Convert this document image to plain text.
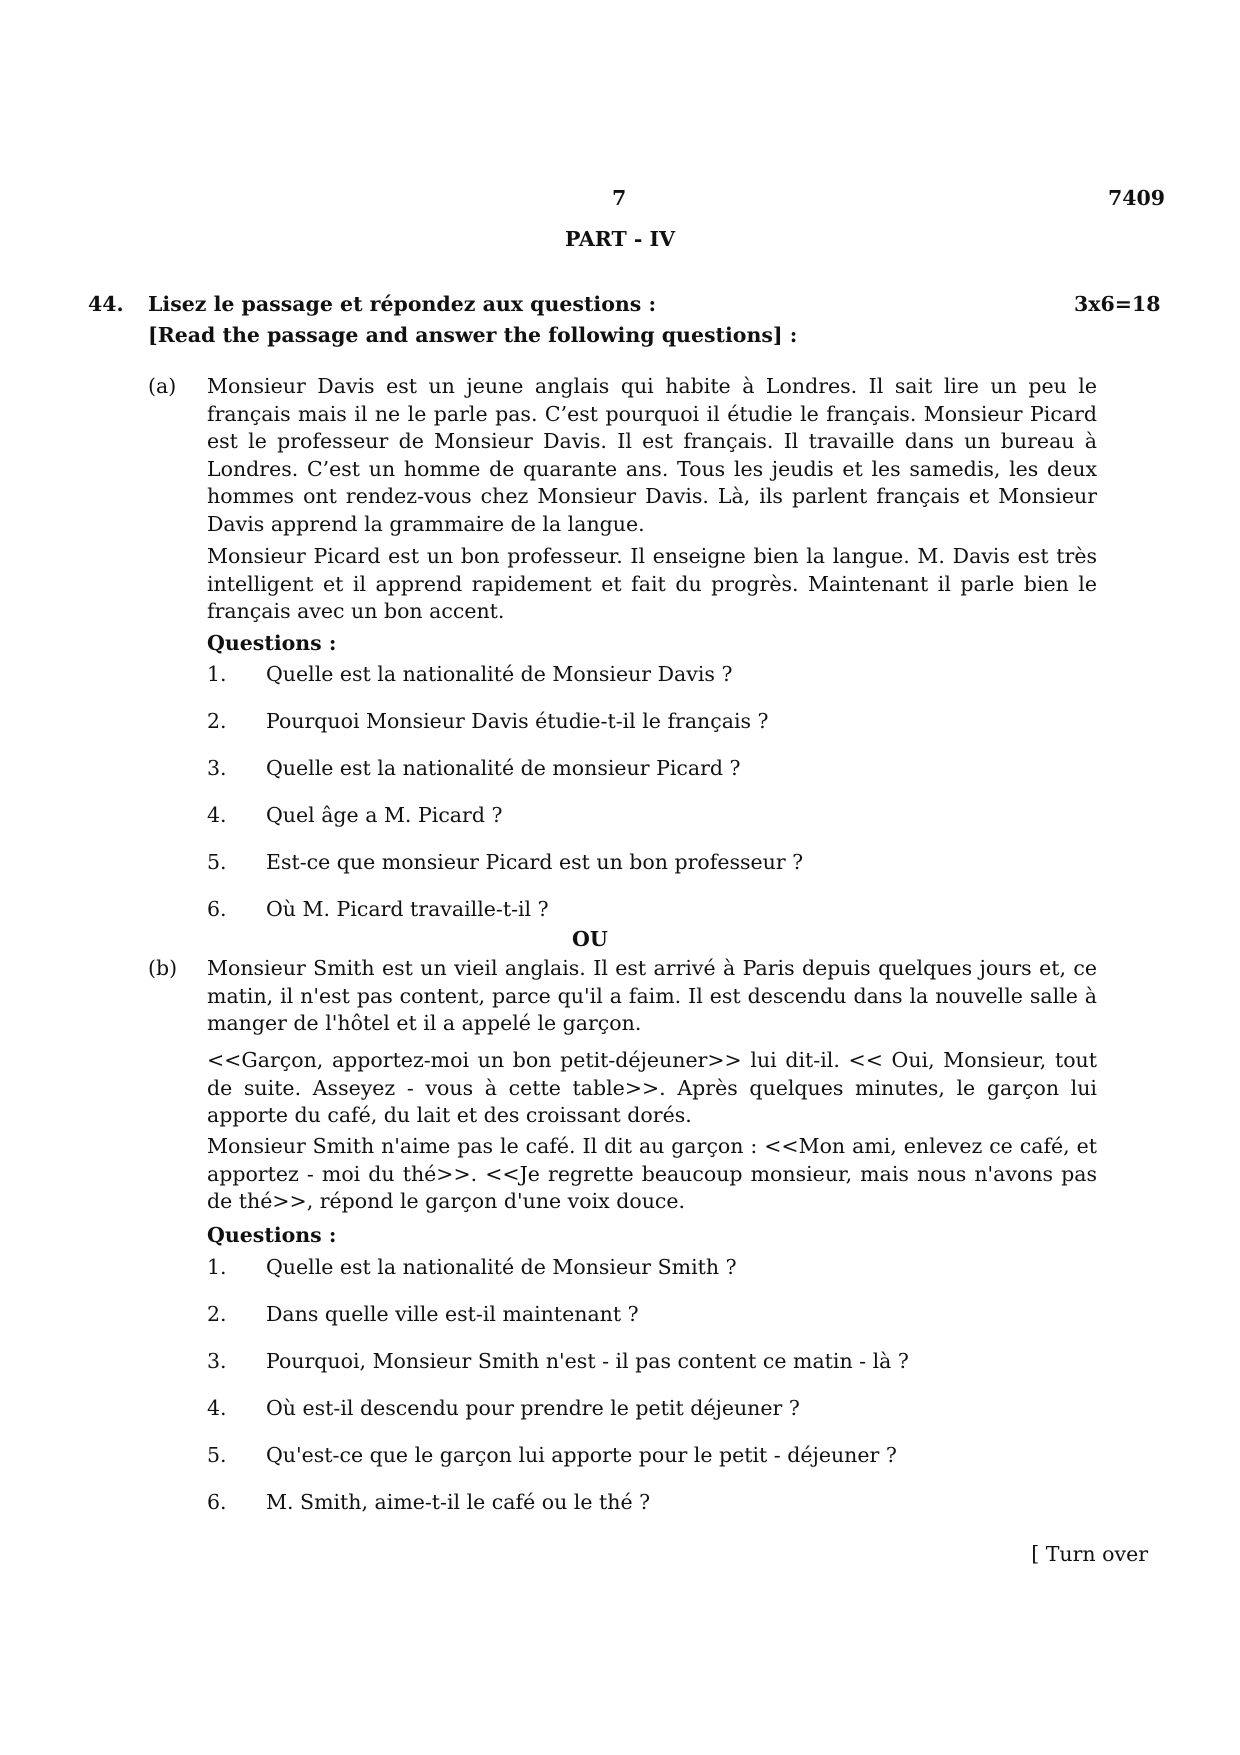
7	7409
PART - IV
44. Lisez le passage et répondez aux questions :
[Read the passage and answer the following questions] :
3x6=18
(a) Monsieur Davis est un jeune anglais qui habite à Londres. Il sait lire un peu le français mais il ne le parle pas. C’est pourquoi il étudie le français. Monsieur Picard est le professeur de Monsieur Davis. Il est français. Il travaille dans un bureau à Londres. C’est un homme de quarante ans. Tous les jeudis et les samedis, les deux hommes ont rendez-vous chez Monsieur Davis. Là, ils parlent français et Monsieur Davis apprend la grammaire de la langue.
Monsieur Picard est un bon professeur. Il enseigne bien la langue. M. Davis est très intelligent et il apprend rapidement et fait du progrès. Maintenant il parle bien le français avec un bon accent.
Questions :
1. Quelle est la nationalité de Monsieur Davis ?
2. Pourquoi Monsieur Davis étudie-t-il le français ?
3. Quelle est la nationalité de monsieur Picard ?
4. Quel âge a M. Picard ?
5. Est-ce que monsieur Picard est un bon professeur ?
6. Où M. Picard travaille-t-il ?
OU
(b) Monsieur Smith est un vieil anglais. Il est arrivé à Paris depuis quelques jours et, ce matin, il n'est pas content, parce qu'il a faim. Il est descendu dans la nouvelle salle à manger de l'hôtel et il a appelé le garçon.
<<Garçon, apportez-moi un bon petit-déjeuner>> lui dit-il. << Oui, Monsieur, tout de suite. Asseyez - vous à cette table>>. Après quelques minutes, le garçon lui apporte du café, du lait et des croissant dorés.
Monsieur Smith n'aime pas le café. Il dit au garçon : <<Mon ami, enlevez ce café, et apportez - moi du thé>>. <<Je regrette beaucoup monsieur, mais nous n'avons pas de thé>>, répond le garçon d'une voix douce.
Questions :
1. Quelle est la nationalité de Monsieur Smith ?
2. Dans quelle ville est-il maintenant ?
3. Pourquoi, Monsieur Smith n'est - il pas content ce matin - là ?
4. Où est-il descendu pour prendre le petit déjeuner ?
5. Qu'est-ce que le garçon lui apporte pour le petit - déjeuner ?
6. M. Smith, aime-t-il le café ou le thé ?
[ Turn over
